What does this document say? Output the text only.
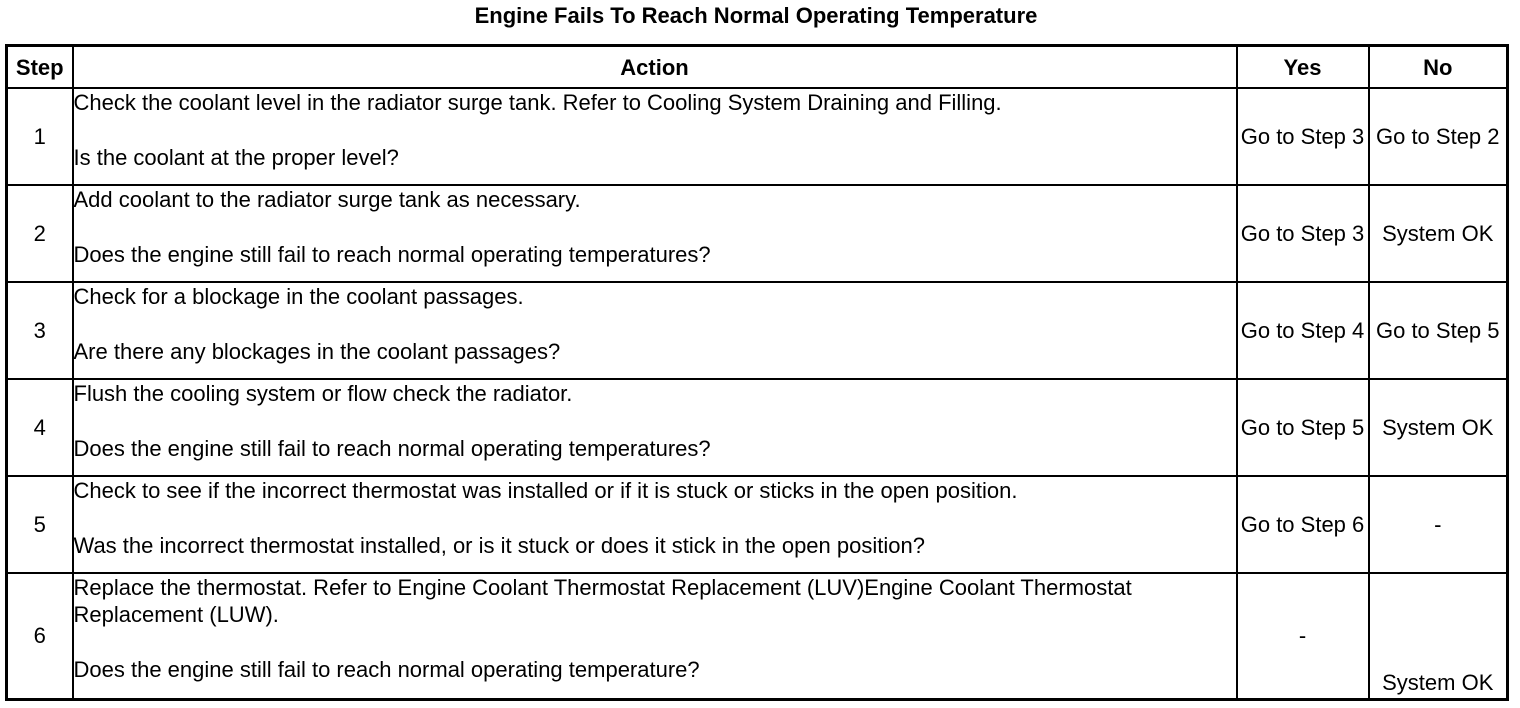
Engine Fails To Reach Normal Operating Temperature
Step	Action	Yes	No
1	Check the coolant level in the radiator surge tank. Refer to Cooling System Draining and Filling.

Is the coolant at the proper level?	Go to Step 3	Go to Step 2
2	Add coolant to the radiator surge tank as necessary.

Does the engine still fail to reach normal operating temperatures?	Go to Step 3	System OK
3	Check for a blockage in the coolant passages.

Are there any blockages in the coolant passages?	Go to Step 4	Go to Step 5
4	Flush the cooling system or flow check the radiator.

Does the engine still fail to reach normal operating temperatures?	Go to Step 5	System OK
5	Check to see if the incorrect thermostat was installed or if it is stuck or sticks in the open position.

Was the incorrect thermostat installed, or is it stuck or does it stick in the open position?	Go to Step 6	-
6	Replace the thermostat. Refer to Engine Coolant Thermostat Replacement (LUV)Engine Coolant Thermostat Replacement (LUW).

Does the engine still fail to reach normal operating temperature?	-	System OK
